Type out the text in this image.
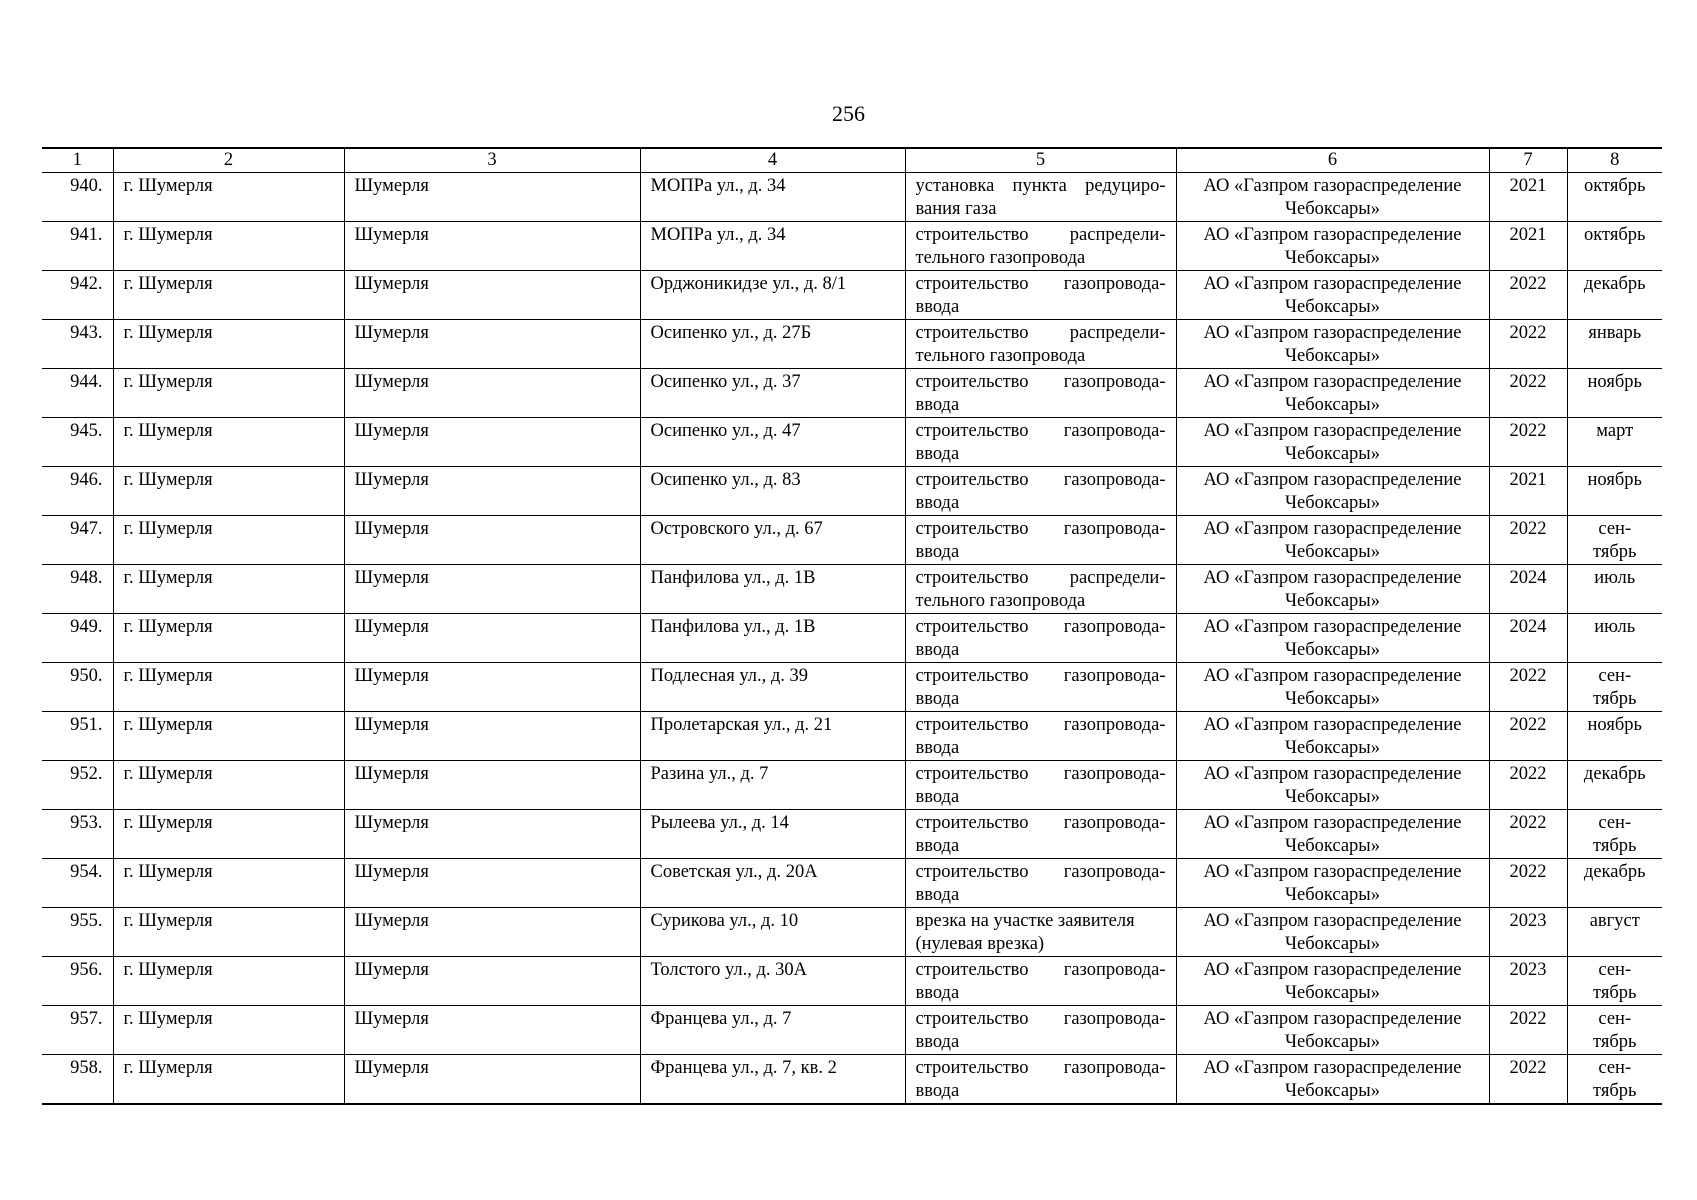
256
1	2	3	4	5	6	7	8
940.	г. Шумерля	Шумерля	МОПРа ул., д. 34	установка пункта редуциро-
вания газа	АО «Газпром газораспределение
Чебоксары»	2021	октябрь

941.	г. Шумерля	Шумерля	МОПРа ул., д. 34	строительство распредели-
тельного газопровода	АО «Газпром газораспределение
Чебоксары»	2021	октябрь

942.	г. Шумерля	Шумерля	Орджоникидзе ул., д. 8/1	строительство газопровода-
ввода	АО «Газпром газораспределение
Чебоксары»	2022	декабрь

943.	г. Шумерля	Шумерля	Осипенко ул., д. 27Б	строительство распредели-
тельного газопровода	АО «Газпром газораспределение
Чебоксары»	2022	январь

944.	г. Шумерля	Шумерля	Осипенко ул., д. 37	строительство газопровода-
ввода	АО «Газпром газораспределение
Чебоксары»	2022	ноябрь

945.	г. Шумерля	Шумерля	Осипенко ул., д. 47	строительство газопровода-
ввода	АО «Газпром газораспределение
Чебоксары»	2022	март

946.	г. Шумерля	Шумерля	Осипенко ул., д. 83	строительство газопровода-
ввода	АО «Газпром газораспределение
Чебоксары»	2021	ноябрь

947.	г. Шумерля	Шумерля	Островского ул., д. 67	строительство газопровода-
ввода	АО «Газпром газораспределение
Чебоксары»	2022	сен-
тябрь

948.	г. Шумерля	Шумерля	Панфилова ул., д. 1В	строительство распредели-
тельного газопровода	АО «Газпром газораспределение
Чебоксары»	2024	июль

949.	г. Шумерля	Шумерля	Панфилова ул., д. 1В	строительство газопровода-
ввода	АО «Газпром газораспределение
Чебоксары»	2024	июль

950.	г. Шумерля	Шумерля	Подлесная ул., д. 39	строительство газопровода-
ввода	АО «Газпром газораспределение
Чебоксары»	2022	сен-
тябрь

951.	г. Шумерля	Шумерля	Пролетарская ул., д. 21	строительство газопровода-
ввода	АО «Газпром газораспределение
Чебоксары»	2022	ноябрь

952.	г. Шумерля	Шумерля	Разина ул., д. 7	строительство газопровода-
ввода	АО «Газпром газораспределение
Чебоксары»	2022	декабрь

953.	г. Шумерля	Шумерля	Рылеева ул., д. 14	строительство газопровода-
ввода	АО «Газпром газораспределение
Чебоксары»	2022	сен-
тябрь

954.	г. Шумерля	Шумерля	Советская ул., д. 20А	строительство газопровода-
ввода	АО «Газпром газораспределение
Чебоксары»	2022	декабрь

955.	г. Шумерля	Шумерля	Сурикова ул., д. 10	врезка на участке заявителя
(нулевая врезка)	АО «Газпром газораспределение
Чебоксары»	2023	август

956.	г. Шумерля	Шумерля	Толстого ул., д. 30А	строительство газопровода-
ввода	АО «Газпром газораспределение
Чебоксары»	2023	сен-
тябрь

957.	г. Шумерля	Шумерля	Францева ул., д. 7	строительство газопровода-
ввода	АО «Газпром газораспределение
Чебоксары»	2022	сен-
тябрь

958.	г. Шумерля	Шумерля	Францева ул., д. 7, кв. 2	строительство газопровода-
ввода	АО «Газпром газораспределение
Чебоксары»	2022	сен-
тябрь
